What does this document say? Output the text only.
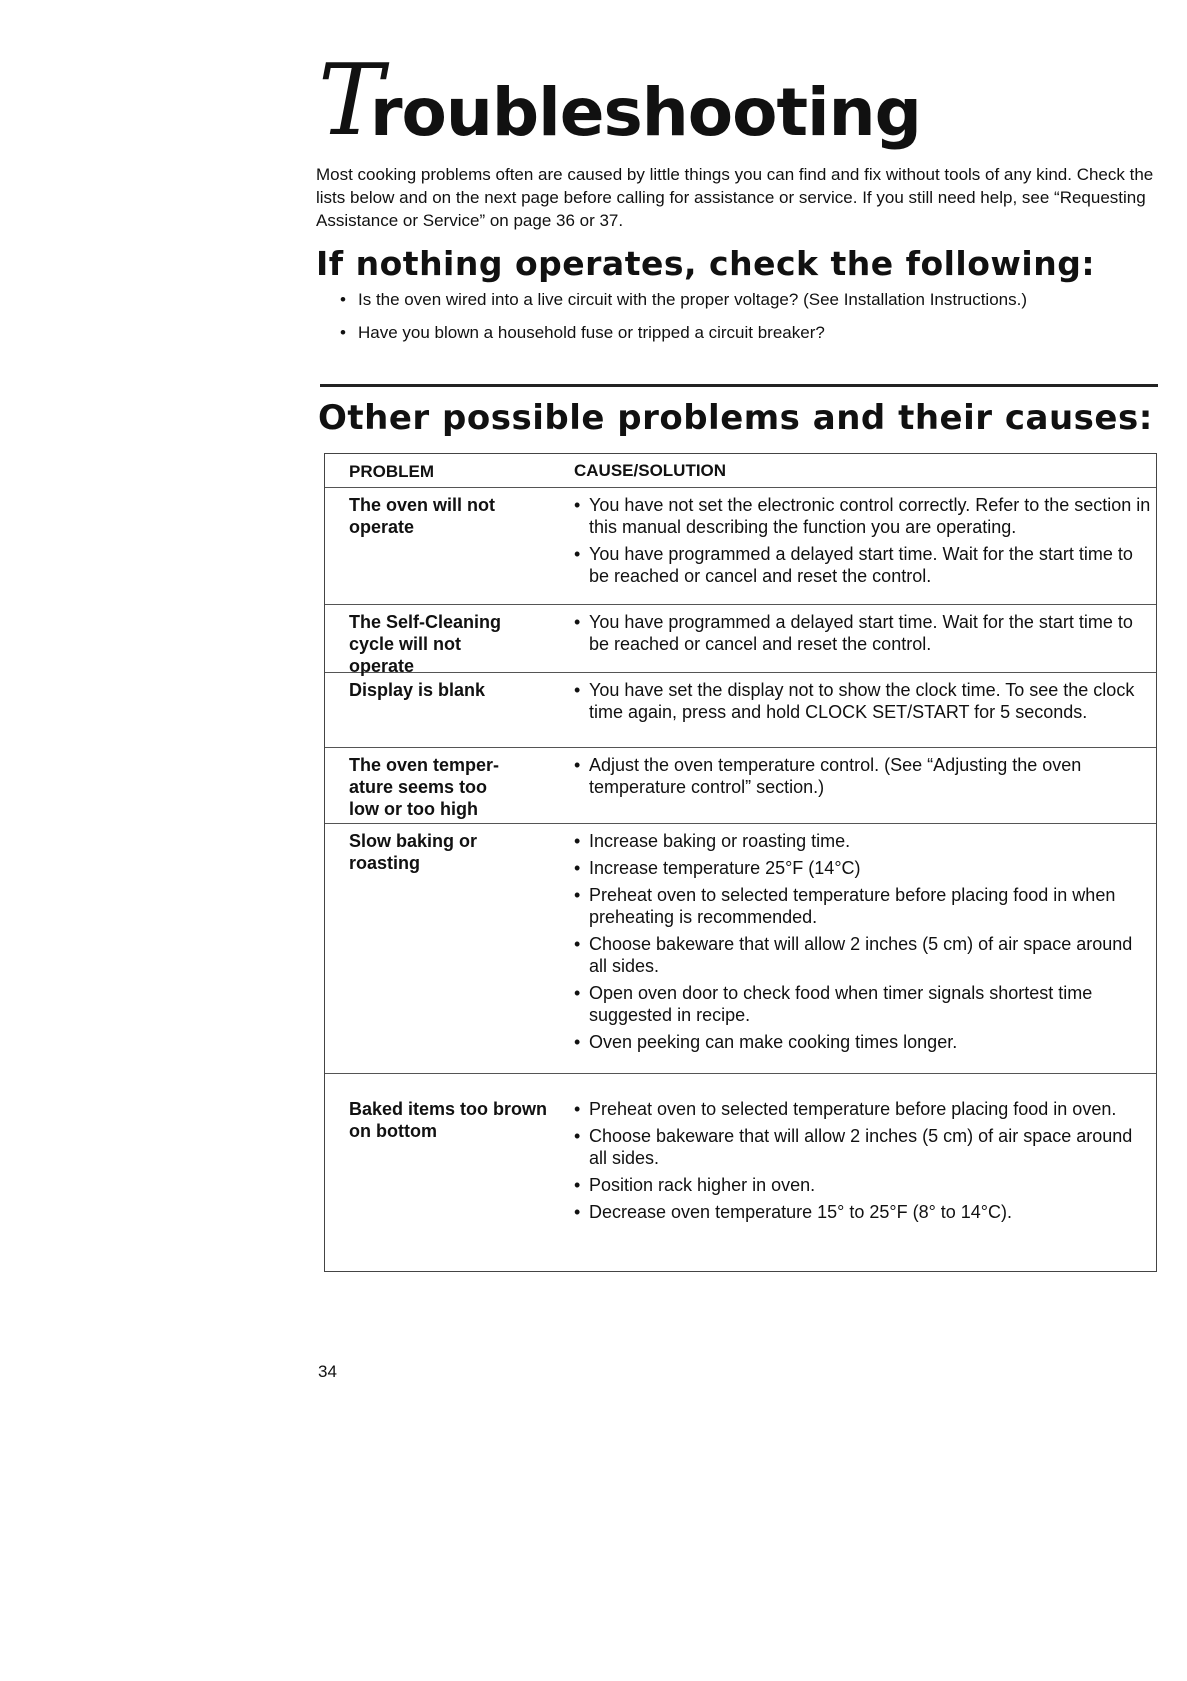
T
roubleshooting

Most cooking problems often are caused by little things you can find and fix without tools of any kind. Check the lists below and on the next page before calling for assistance or service. If you still need help, see “Requesting Assistance or Service” on page 36 or 37.

If nothing operates, check the following:
• Is the oven wired into a live circuit with the proper voltage? (See Installation Instructions.)
• Have you blown a household fuse or tripped a circuit breaker?
Other possible problems and their causes:
PROBLEM	CAUSE/SOLUTION
The oven will not operate
• You have not set the electronic control correctly. Refer to the section in this manual describing the function you are operating.
• You have programmed a delayed start time. Wait for the start time to be reached or cancel and reset the control.
The Self-Cleaning cycle will not operate
• You have programmed a delayed start time. Wait for the start time to be reached or cancel and reset the control.
Display is blank
•	You have set the display not to show the clock time. To see the clock time again, press and hold CLOCK SET/START for 5 seconds.
The oven temper-ature seems too low or too high
• Adjust the oven temperature control. (See “Adjusting the oven temperature control” section.)
Slow baking or roasting
• Increase baking or roasting time.
• Increase temperature 25°F (14°C)
• Preheat oven to selected temperature before placing food in when preheating is recommended.
• Choose bakeware that will allow 2 inches (5 cm) of air space around all sides.
• Open oven door to check food when timer signals shortest time suggested in recipe.
• Oven peeking can make cooking times longer.
Baked items too brown on bottom
• Preheat oven to selected temperature before placing food in oven.
• Choose bakeware that will allow 2 inches (5 cm) of air space around all sides.
• Position rack higher in oven.
• Decrease oven temperature 15° to 25°F (8° to 14°C).
34
